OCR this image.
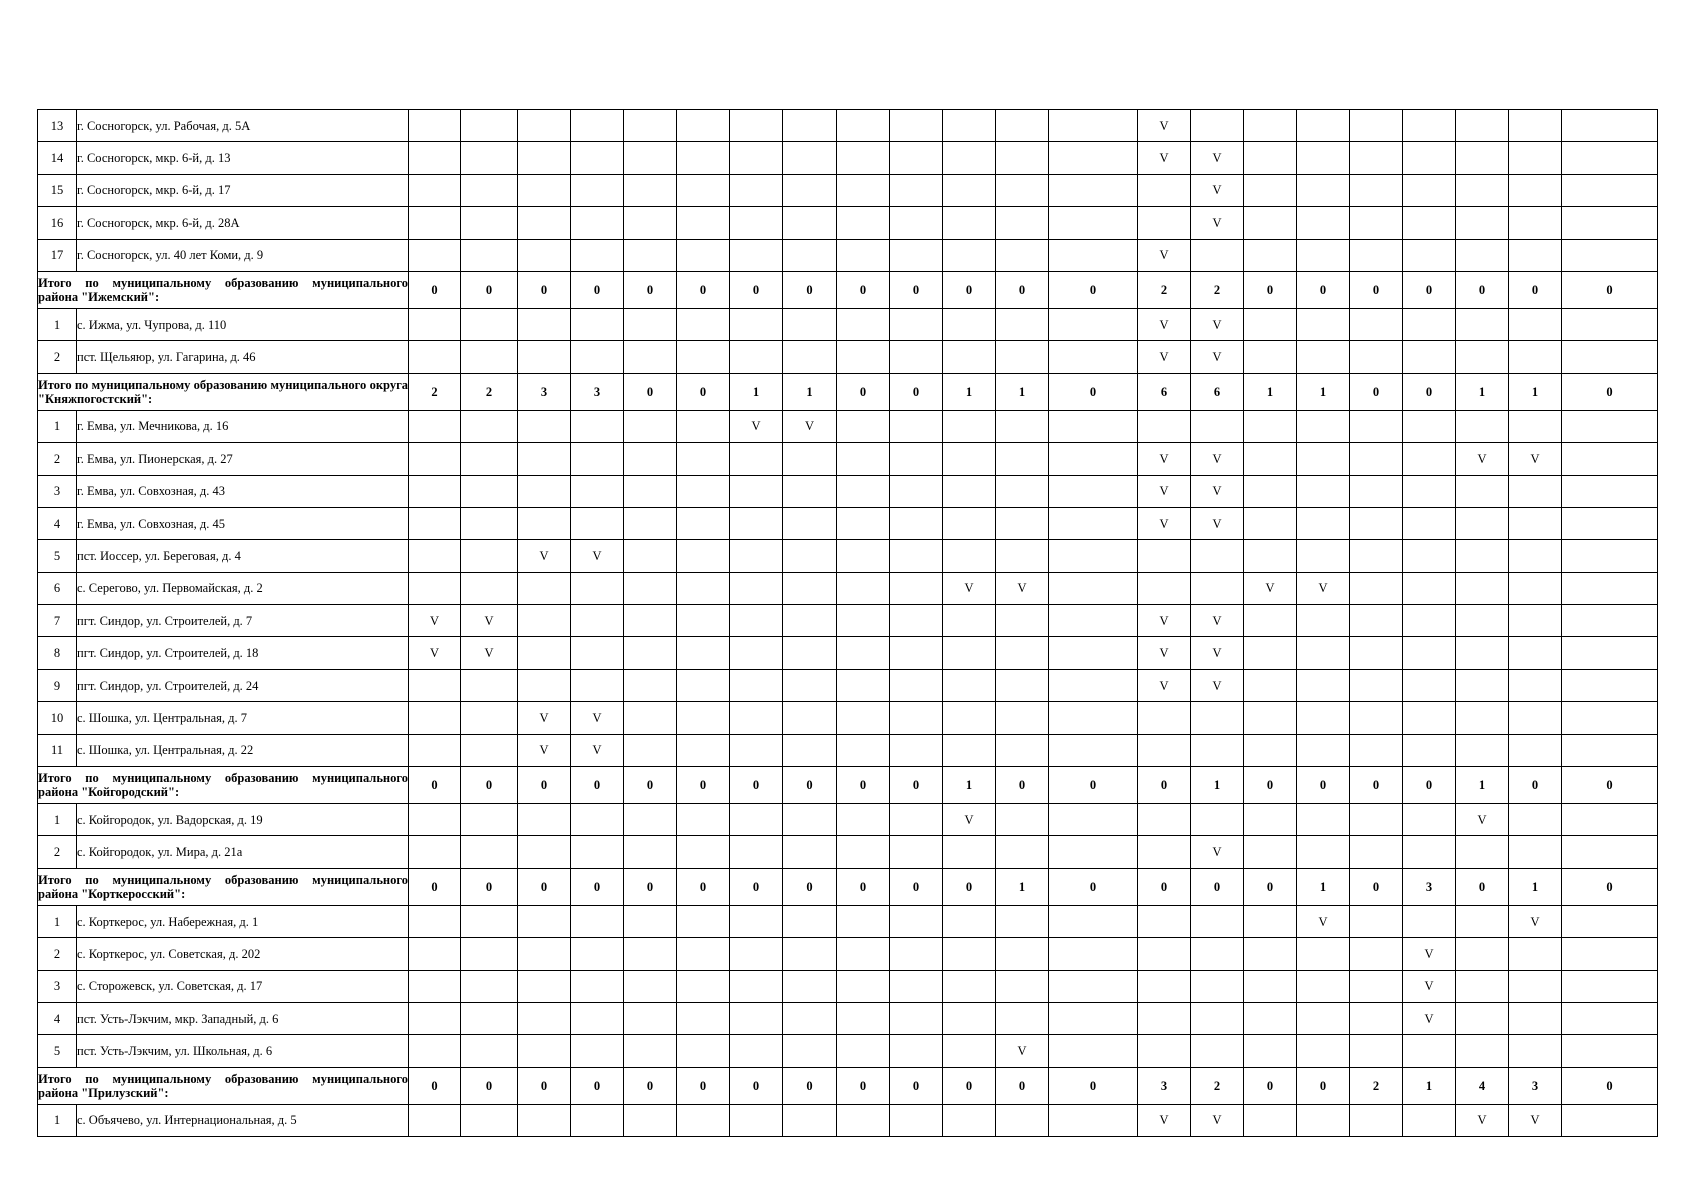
13	г. Сосногорск, ул. Рабочая, д. 5А														V								
14	г. Сосногорск, мкр. 6-й, д. 13														V	V							
15	г. Сосногорск, мкр. 6-й, д. 17															V							
16	г. Сосногорск, мкр. 6-й, д. 28А															V							
17	г. Сосногорск, ул. 40 лет Коми, д. 9														V								
Итого по муниципальному образованию муниципального района "Ижемский":		0	0	0	0	0	0	0	0	0	0	0	0	0	2	2	0	0	0	0	0	0	0
1	с. Ижма, ул. Чупрова, д. 110														V	V							
2	пст. Щельяюр, ул. Гагарина, д. 46														V	V							
Итого по муниципальному образованию муниципального округа "Княжпогостский":		2	2	3	3	0	0	1	1	0	0	1	1	0	6	6	1	1	0	0	1	1	0
1	г. Емва, ул. Мечникова, д. 16							V	V														
2	г. Емва, ул. Пионерская, д. 27														V	V					V	V	
3	г. Емва, ул. Совхозная, д. 43														V	V							
4	г. Емва, ул. Совхозная, д. 45														V	V							
5	пст. Иоссер, ул. Береговая, д. 4			V	V																		
6	с. Серегово, ул. Первомайская, д. 2											V	V				V	V					
7	пгт. Синдор, ул. Строителей, д. 7	V	V												V	V							
8	пгт. Синдор, ул. Строителей, д. 18	V	V												V	V							
9	пгт. Синдор, ул. Строителей, д. 24														V	V							
10	с. Шошка, ул. Центральная, д. 7			V	V																		
11	с. Шошка, ул. Центральная, д. 22			V	V																		
Итого по муниципальному образованию муниципального района "Койгородский":		0	0	0	0	0	0	0	0	0	0	1	0	0	0	1	0	0	0	0	1	0	0
1	с. Койгородок, ул. Вадорская, д. 19											V									V		
2	с. Койгородок, ул. Мира, д. 21а															V							
Итого по муниципальному образованию муниципального района "Корткеросский":		0	0	0	0	0	0	0	0	0	0	0	1	0	0	0	0	1	0	3	0	1	0
1	с. Корткерос, ул. Набережная, д. 1																	V				V	
2	с. Корткерос, ул. Советская, д. 202																			V			
3	с. Сторожевск, ул. Советская, д. 17																			V			
4	пст. Усть-Лэкчим, мкр. Западный, д. 6																			V			
5	пст. Усть-Лэкчим, ул. Школьная, д. 6												V										
Итого по муниципальному образованию муниципального района "Прилузский":		0	0	0	0	0	0	0	0	0	0	0	0	0	3	2	0	0	2	1	4	3	0
1	с. Объячево, ул. Интернациональная, д. 5														V	V					V	V	
